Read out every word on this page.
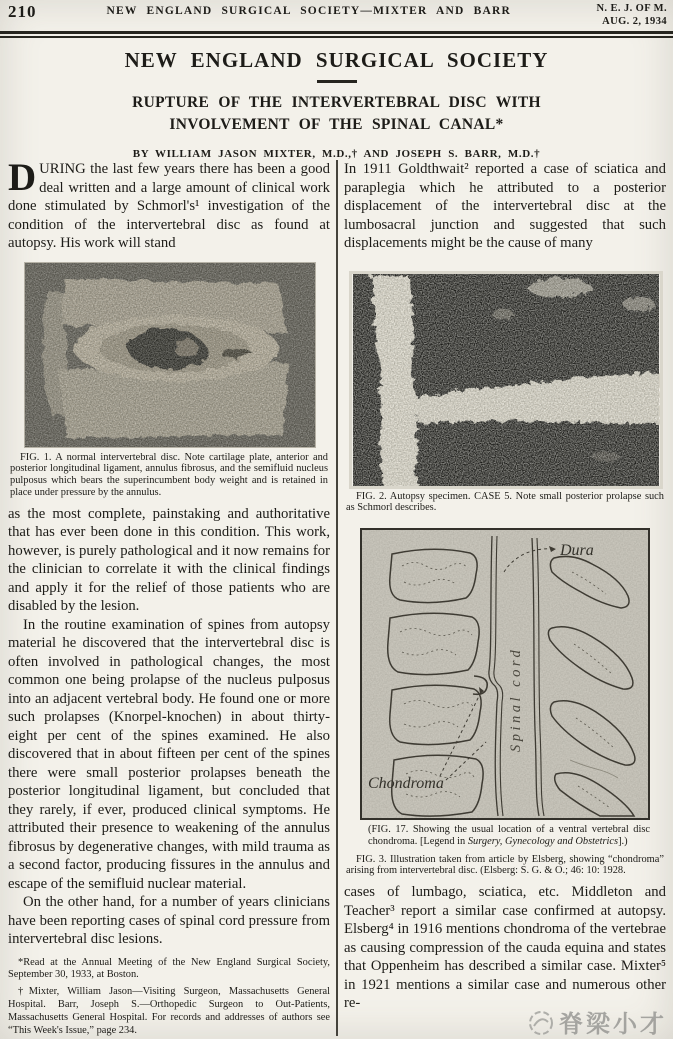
210	NEW ENGLAND SURGICAL SOCIETY—MIXTER AND BARR	N. E. J. OF M.
AUG. 2, 1934
NEW ENGLAND SURGICAL SOCIETY
RUPTURE OF THE INTERVERTEBRAL DISC WITH
INVOLVEMENT OF THE SPINAL CANAL*
BY WILLIAM JASON MIXTER, M.D.,† AND JOSEPH S. BARR, M.D.†

DURING the last few years there has been a good deal written and a large amount of clinical work done stimulated by Schmorl's¹ investigation of the condition of the intervertebral disc as found at autopsy. His work will stand

FIG. 1. A normal intervertebral disc. Note cartilage plate, anterior and posterior longitudinal ligament, annulus fibrosus, and the semifluid nucleus pulposus which bears the superincumbent body weight and is retained in place under pressure by the annulus.

as the most complete, painstaking and authoritative that has ever been done in this condition. This work, however, is purely pathological and it now remains for the clinician to correlate it with the clinical findings and apply it for the relief of those patients who are disabled by the lesion.

In the routine examination of spines from autopsy material he discovered that the intervertebral disc is often involved in pathological changes, the most common one being prolapse of the nucleus pulposus into an adjacent vertebral body. He found one or more such prolapses (Knorpel-knochen) in about thirty-eight per cent of the spines examined. He also discovered that in about fifteen per cent of the spines there were small posterior prolapses beneath the posterior longitudinal ligament, but concluded that they rarely, if ever, produced clinical symptoms. He attributed their presence to weakening of the annulus fibrosus by degenerative changes, with mild trauma as a second factor, producing fissures in the annulus and escape of the semifluid nuclear material.

On the other hand, for a number of years clinicians have been reporting cases of spinal cord pressure from intervertebral disc lesions.

*Read at the Annual Meeting of the New England Surgical Society, September 30, 1933, at Boston.

†Mixter, William Jason—Visiting Surgeon, Massachusetts General Hospital. Barr, Joseph S.—Orthopedic Surgeon to Out-Patients, Massachusetts General Hospital. For records and addresses of authors see “This Week's Issue,” page 234.

In 1911 Goldthwait² reported a case of sciatica and paraplegia which he attributed to a posterior displacement of the intervertebral disc at the lumbosacral junction and suggested that such displacements might be the cause of many

FIG. 2. Autopsy specimen. CASE 5. Note small posterior prolapse such as Schmorl describes.

Dura
Spinal cord
Chondroma

(FIG. 17. Showing the usual location of a ventral vertebral disc chondroma. [Legend in Surgery, Gynecology and Obstetrics].)

FIG. 3. Illustration taken from article by Elsberg, showing “chondroma” arising from intervertebral disc. (Elsberg: S. G. & O.; 46: 10: 1928.

cases of lumbago, sciatica, etc. Middleton and Teacher³ report a similar case confirmed at autopsy. Elsberg⁴ in 1916 mentions chondroma of the vertebrae as causing compression of the cauda equina and states that Oppenheim has described a similar case. Mixter⁵ in 1921 mentions a similar case and numerous other re-

脊梁小才
